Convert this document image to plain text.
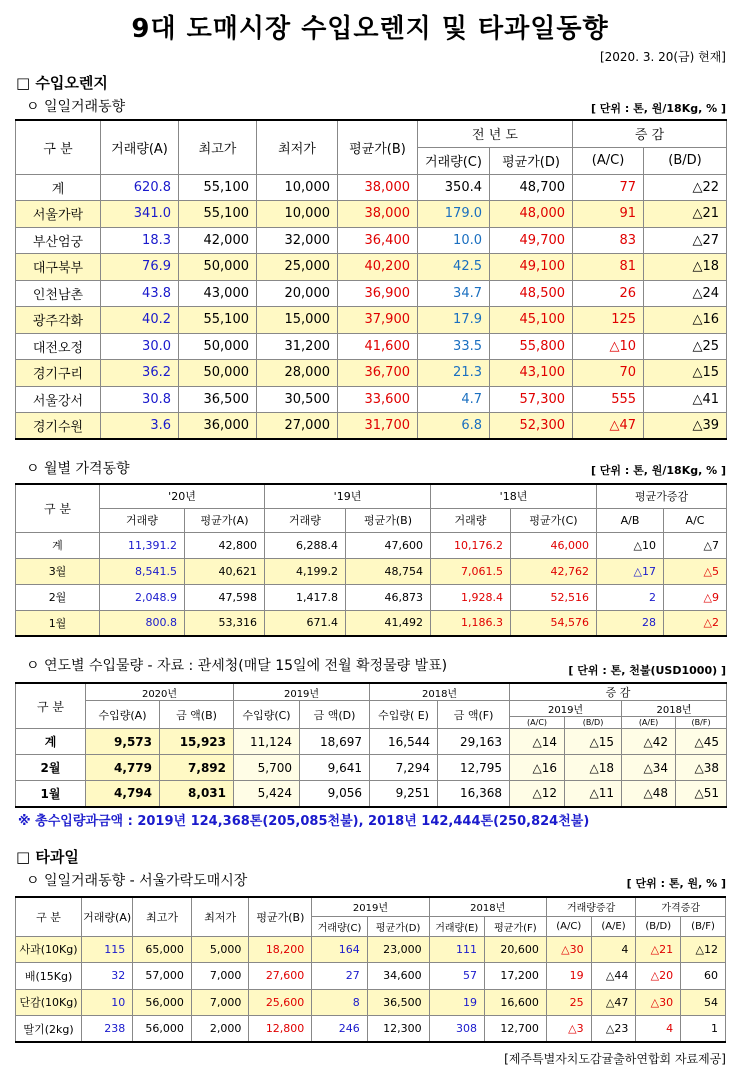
9대 도매시장 수입오렌지 및 타과일동향
[2020. 3. 20(금) 현재]
□ 수입오렌지
ㅇ 일일거래동향	[ 단위 : 톤, 원/18Kg, % ]
구 분	거래량(A)	최고가	최저가	평균가(B)	전 년 도		증 감	
					거래량(C)	평균가(D)	(A/C)	(B/D)
계	620.8	55,100	10,000	38,000	350.4	48,700	77	△22
서울가락	341.0	55,100	10,000	38,000	179.0	48,000	91	△21
부산엄궁	18.3	42,000	32,000	36,400	10.0	49,700	83	△27
대구북부	76.9	50,000	25,000	40,200	42.5	49,100	81	△18
인천남촌	43.8	43,000	20,000	36,900	34.7	48,500	26	△24
광주각화	40.2	55,100	15,000	37,900	17.9	45,100	125	△16
대전오정	30.0	50,000	31,200	41,600	33.5	55,800	△10	△25
경기구리	36.2	50,000	28,000	36,700	21.3	43,100	70	△15
서울강서	30.8	36,500	30,500	33,600	4.7	57,300	555	△41
경기수원	3.6	36,000	27,000	31,700	6.8	52,300	△47	△39
ㅇ 월별 가격동향	[ 단위 : 톤, 원/18Kg, % ]
구 분	'20년		'19년		'18년		평균가증감	
	거래량	평균가(A)	거래량	평균가(B)	거래량	평균가(C)	A/B	A/C
계	11,391.2	42,800	6,288.4	47,600	10,176.2	46,000	△10	△7
3월	8,541.5	40,621	4,199.2	48,754	7,061.5	42,762	△17	△5
2월	2,048.9	47,598	1,417.8	46,873	1,928.4	52,516	2	△9
1월	800.8	53,316	671.4	41,492	1,186.3	54,576	28	△2
ㅇ 연도별 수입물량 - 자료 : 관세청(매달 15일에 전월 확정물량 발표)	[ 단위 : 톤, 천불(USD1000) ]
구 분	2020년		2019년		2018년		증 감			
	수입량(A)	금 액(B)	수입량(C)	금 액(D)	수입량( E)	금 액(F)	2019년		2018년	
							(A/C)	(B/D)	(A/E)	(B/F)
계	9,573	15,923	11,124	18,697	16,544	29,163	△14	△15	△42	△45
2월	4,779	7,892	5,700	9,641	7,294	12,795	△16	△18	△34	△38
1월	4,794	8,031	5,424	9,056	9,251	16,368	△12	△11	△48	△51
※ 총수입량과금액 : 2019년 124,368톤(205,085천불), 2018년 142,444톤(250,824천불)
□ 타과일
ㅇ 일일거래동향 - 서울가락도매시장	[ 단위 : 톤, 원, % ]
구 분	거래량(A)	최고가	최저가	평균가(B)	2019년		2018년		거래량증감		가격증감	
					거래량(C)	평균가(D)	거래량(E)	평균가(F)	(A/C)	(A/E)	(B/D)	(B/F)
사과(10Kg)	115	65,000	5,000	18,200	164	23,000	111	20,600	△30	4	△21	△12
배(15Kg)	32	57,000	7,000	27,600	27	34,600	57	17,200	19	△44	△20	60
단감(10Kg)	10	56,000	7,000	25,600	8	36,500	19	16,600	25	△47	△30	54
딸기(2kg)	238	56,000	2,000	12,800	246	12,300	308	12,700	△3	△23	4	1
[제주특별자치도감귤출하연합회 자료제공]
